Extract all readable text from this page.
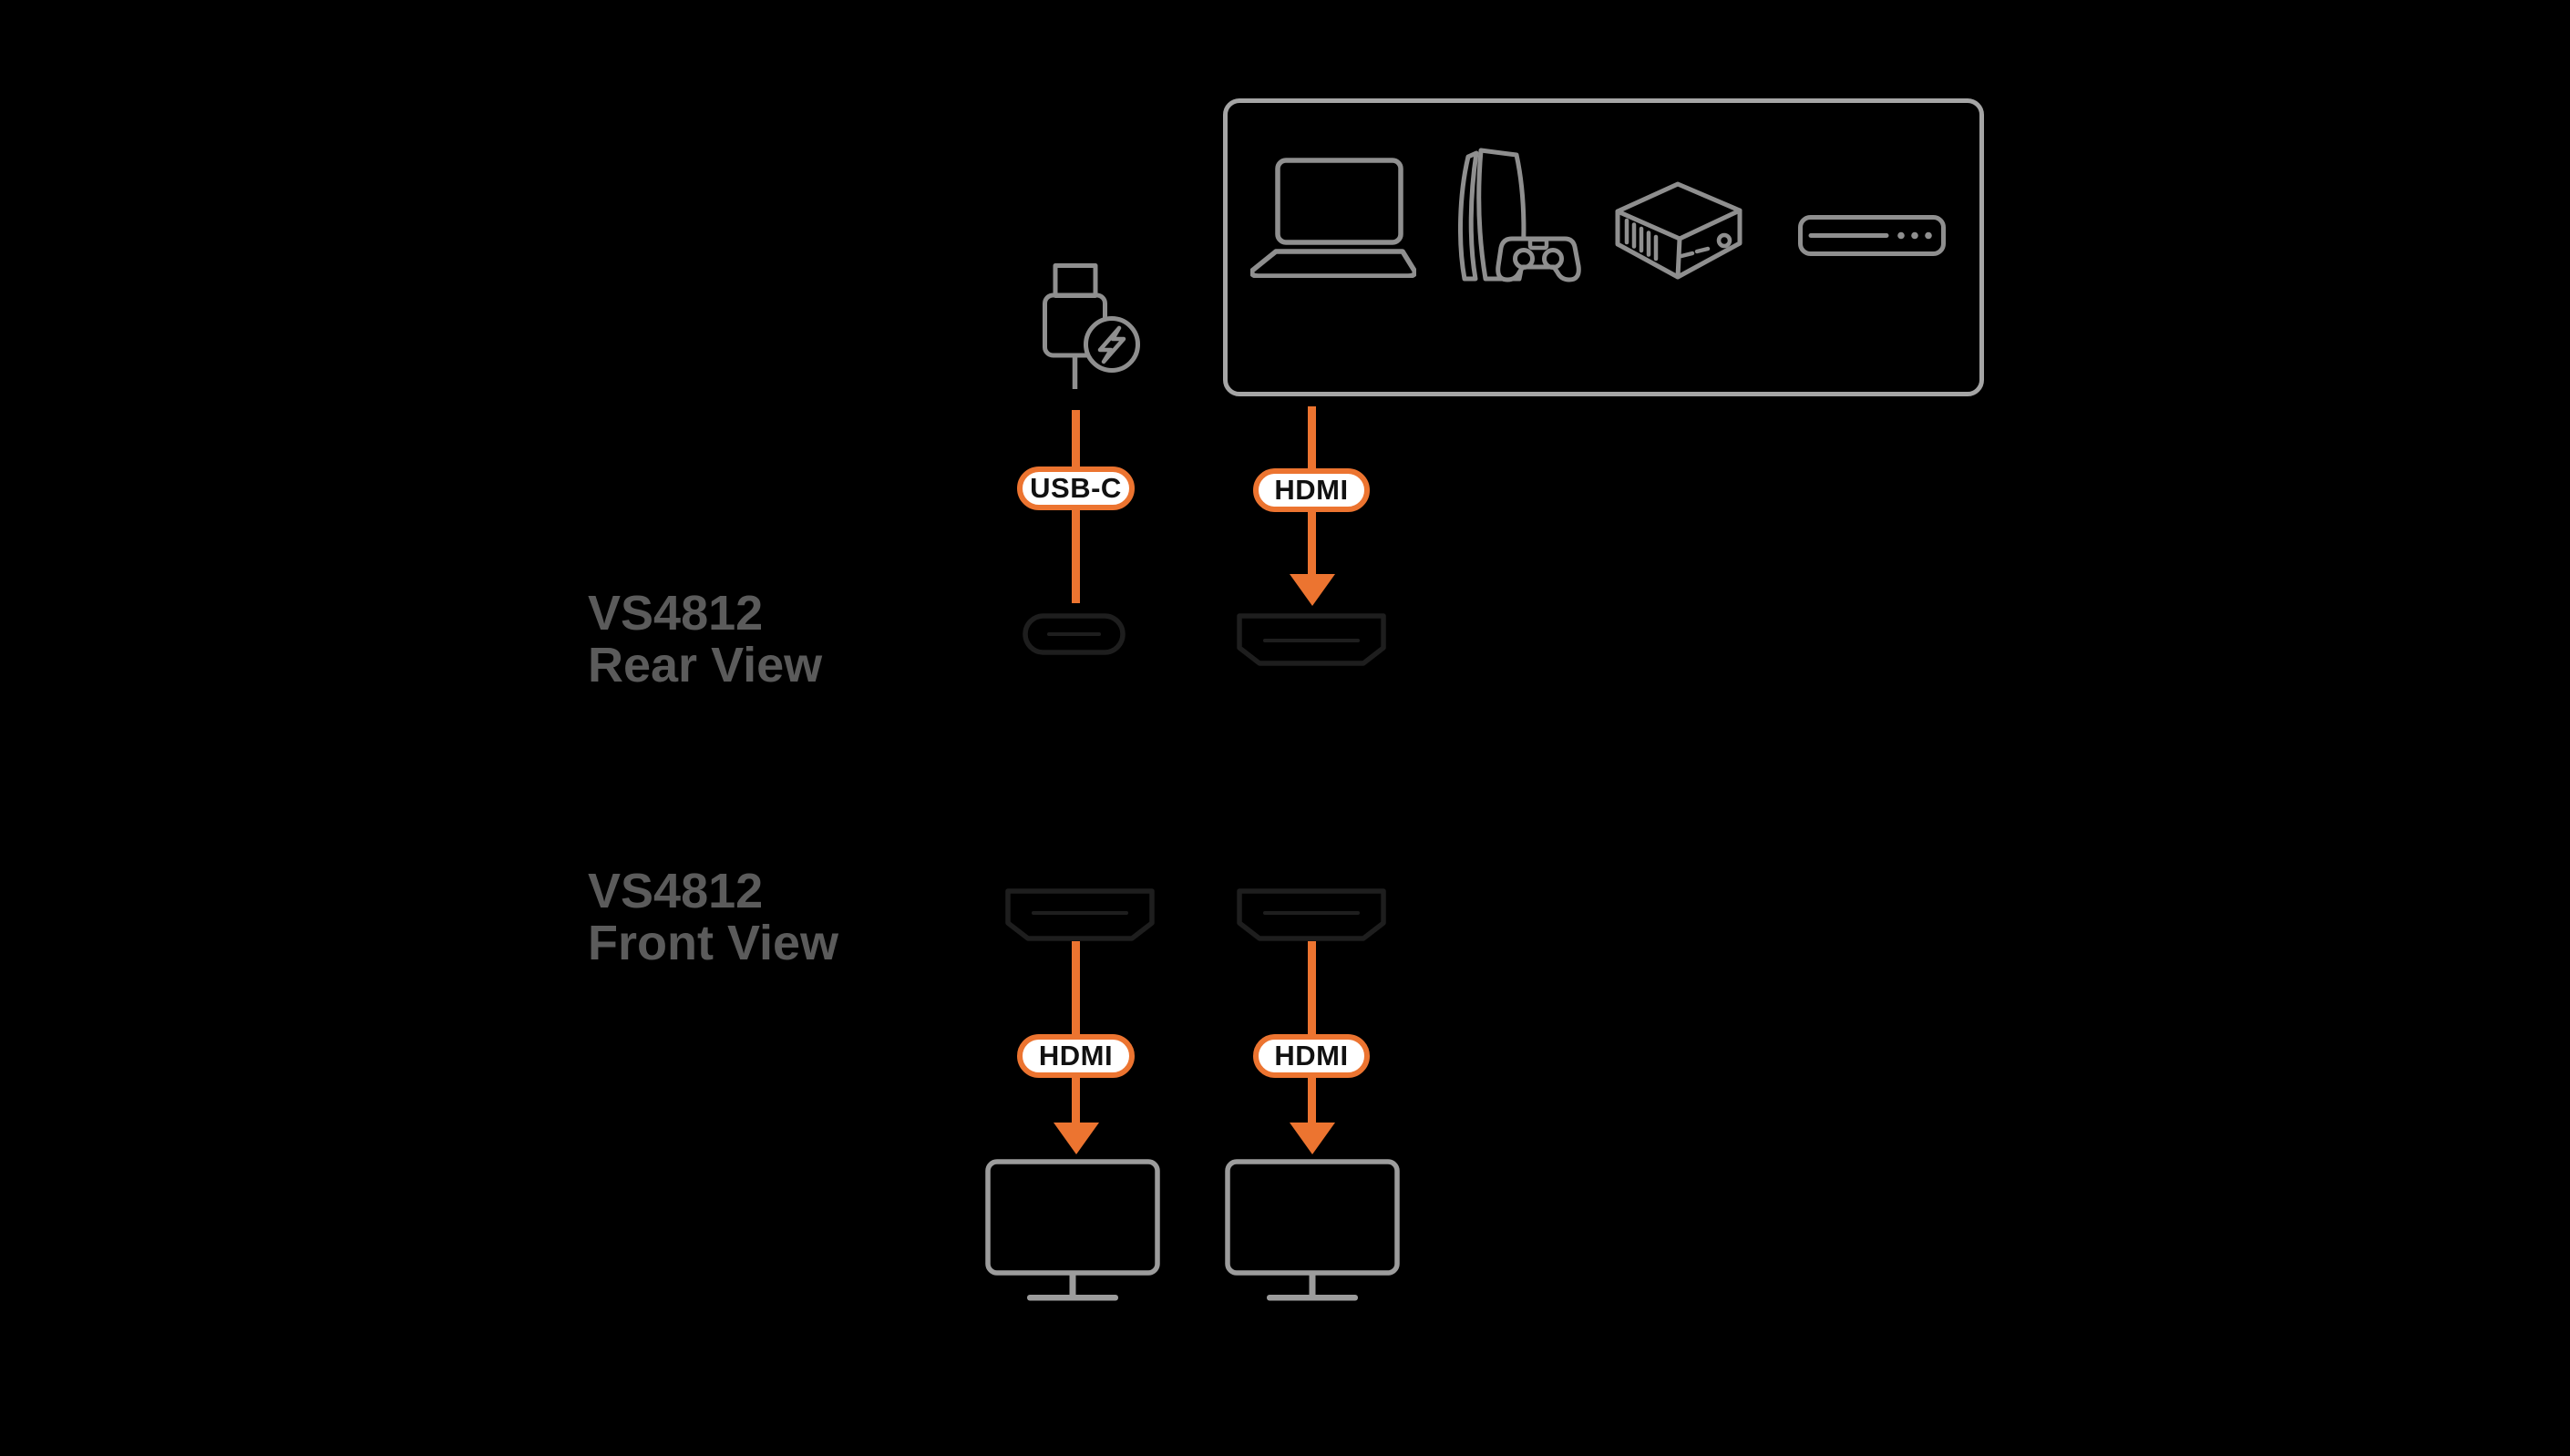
USB-C	HDMI
VS4812
Rear View
VS4812
Front View
HDMI	HDMI
